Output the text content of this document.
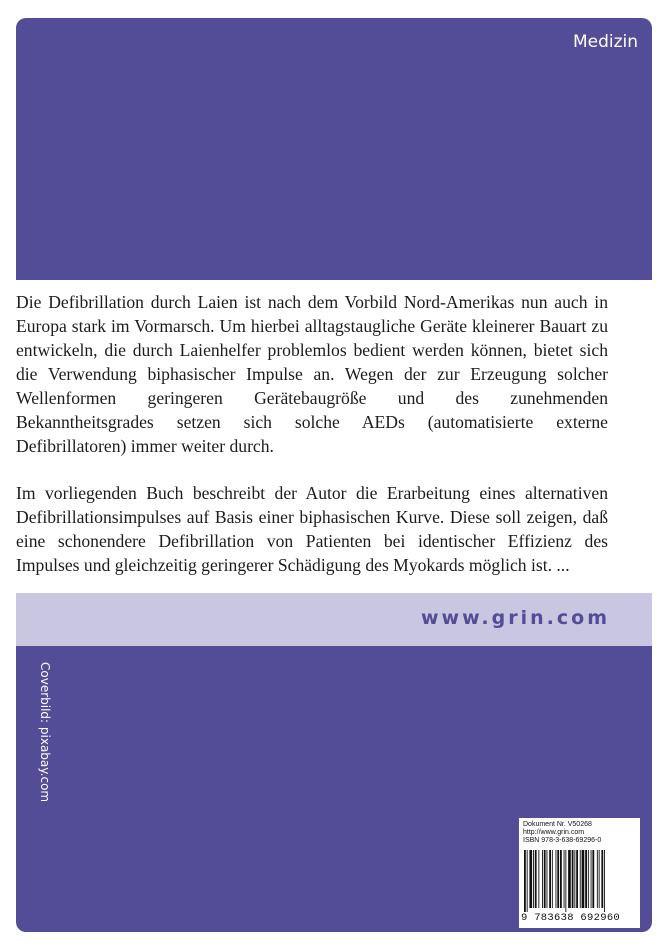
Medizin

Die Defibrillation durch Laien ist nach dem Vorbild Nord-Amerikas nun auch in Europa stark im Vormarsch. Um hierbei alltagstaugliche Geräte kleinerer Bauart zu entwickeln, die durch Laienhelfer problemlos bedient werden können, bietet sich die Verwendung biphasischer Impulse an. Wegen der zur Erzeugung solcher Wellenformen geringeren Gerätebaugröße und des zunehmenden Bekanntheitsgrades setzen sich solche AEDs (automatisierte externe Defibrillatoren) immer weiter durch.

Im vorliegenden Buch beschreibt der Autor die Erarbeitung eines alternativen Defibrillationsimpulses auf Basis einer biphasischen Kurve. Diese soll zeigen, daß eine schonendere Defibrillation von Patienten bei identischer Effizienz des Impulses und gleichzeitig geringerer Schädigung des Myokards möglich ist. ...

www.grin.com
Coverbild: pixabay.com
Dokument Nr. V50268
http://www.grin.com
ISBN 978-3-638-69296-0
9 783638 692960
